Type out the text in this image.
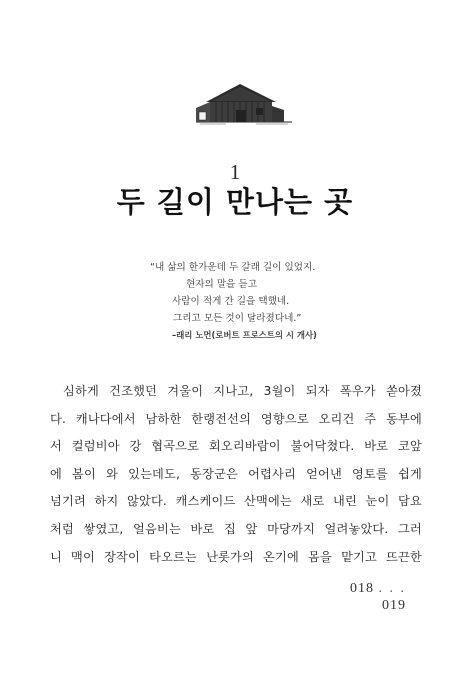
1
두 길이 만나는 곳
“내 삶의 한가운데 두 갈래 길이 있었지.
현자의 말을 듣고
사람이 적게 간 길을 택했네.
그리고 모든 것이 달라졌다네.”
–래리 노먼(로버트 프로스트의 시 개사)
심하게 건조했던 겨울이 지나고, 3월이 되자 폭우가 쏟아졌
다. 캐나다에서 남하한 한랭전선의 영향으로 오리건 주 동부에
서 컬럼비아 강 협곡으로 회오리바람이 불어닥쳤다. 바로 코앞
에 봄이 와 있는데도, 동장군은 어렵사리 얻어낸 영토를 쉽게
넘기려 하지 않았다. 캐스케이드 산맥에는 새로 내린 눈이 담요
처럼 쌓였고, 얼음비는 바로 집 앞 마당까지 얼려놓았다. 그러
니 맥이 장작이 타오르는 난롯가의 온기에 몸을 맡기고 뜨끈한
018 . . .
019
